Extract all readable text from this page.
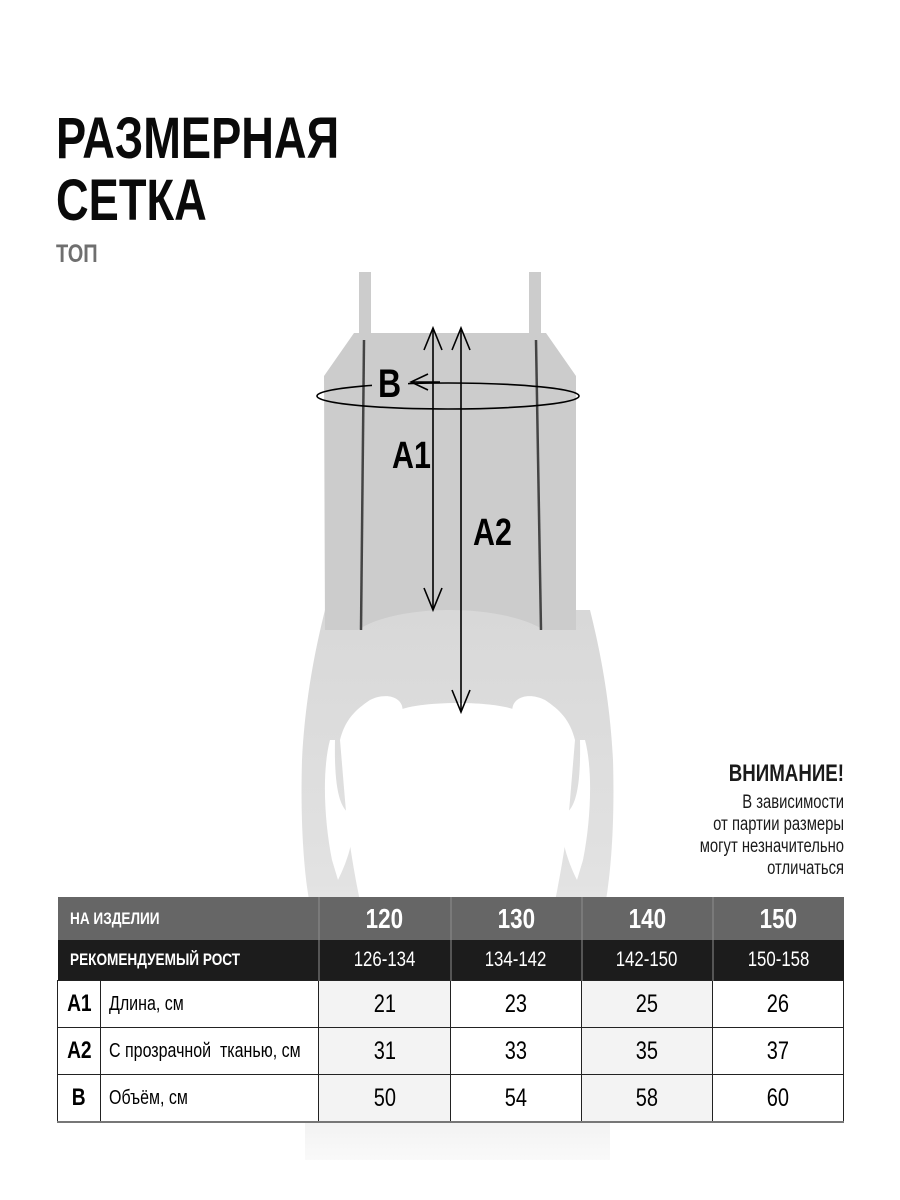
РАЗМЕРНАЯ
СЕТКА
ТОП
B
A1
A2
ВНИМАНИЕ!
В зависимости
от партии размеры
могут незначительно
отличаться
НА ИЗДЕЛИИ		120	130	140	150
РЕКОМЕНДУЕМЫЙ РОСТ		126-134	134-142	142-150	150-158
A1	Длина, см	21	23	25	26
A2	С прозрачной  тканью, см	31	33	35	37
B	Объём, см	50	54	58	60
